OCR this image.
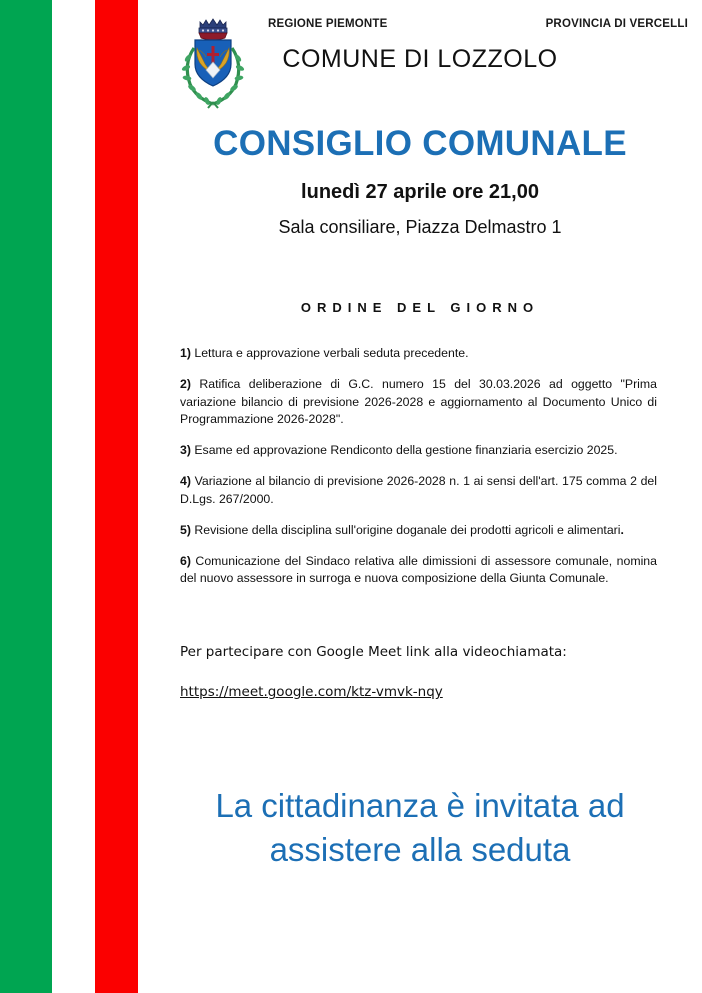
REGIONE PIEMONTE	PROVINCIA DI VERCELLI
COMUNE DI LOZZOLO
CONSIGLIO COMUNALE
lunedì 27 aprile ore 21,00
Sala consiliare, Piazza Delmastro 1
ORDINE DEL GIORNO

1) Lettura e approvazione verbali seduta precedente.

2) Ratifica deliberazione di G.C. numero 15 del 30.03.2026 ad oggetto "Prima variazione bilancio di previsione 2026-2028 e aggiornamento al Documento Unico di Programmazione 2026-2028".

3) Esame ed approvazione Rendiconto della gestione finanziaria esercizio 2025.

4) Variazione al bilancio di previsione 2026-2028 n. 1 ai sensi dell'art. 175 comma 2 del D.Lgs. 267/2000.

5) Revisione della disciplina sull'origine doganale dei prodotti agricoli e alimentari.

6) Comunicazione del Sindaco relativa alle dimissioni di assessore comunale, nomina del nuovo assessore in surroga e nuova composizione della Giunta Comunale.

Per partecipare con Google Meet link alla videochiamata:
https://meet.google.com/ktz-vmvk-nqy
La cittadinanza è invitata ad
assistere alla seduta
